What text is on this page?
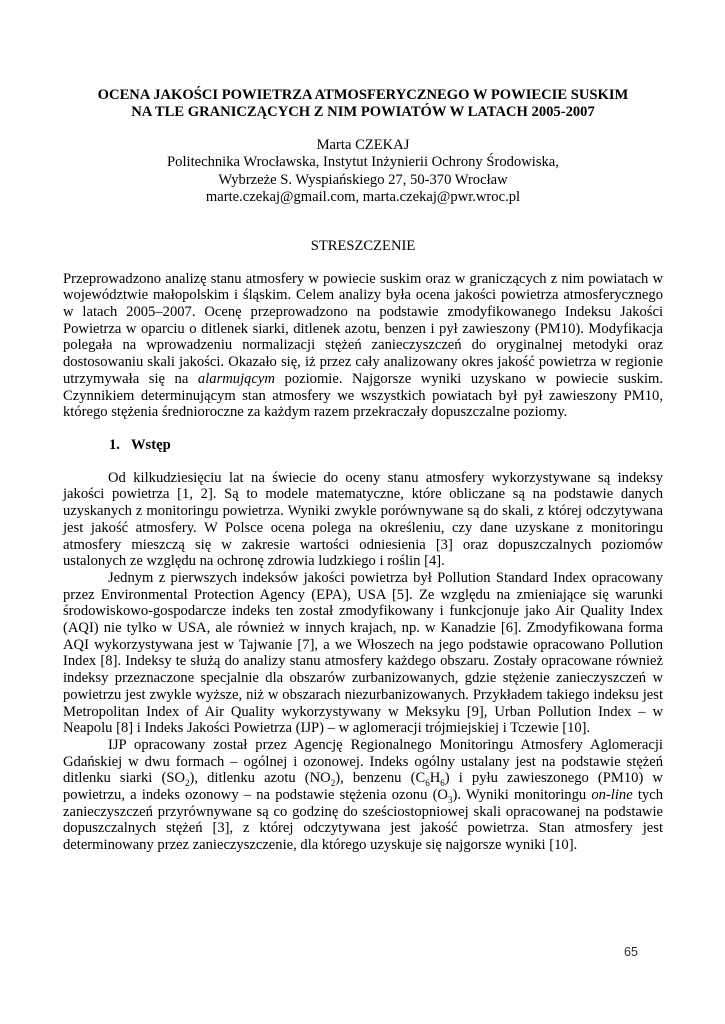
OCENA JAKOŚCI POWIETRZA ATMOSFERYCZNEGO W POWIECIE SUSKIM
NA TLE GRANICZĄCYCH Z NIM POWIATÓW W LATACH 2005-2007
Marta CZEKAJ
Politechnika Wrocławska, Instytut Inżynierii Ochrony Środowiska,
Wybrzeże S. Wyspiańskiego 27, 50-370 Wrocław
marte.czekaj@gmail.com, marta.czekaj@pwr.wroc.pl
STRESZCZENIE

Przeprowadzono analizę stanu atmosfery w powiecie suskim oraz w graniczących z nim powiatach w województwie małopolskim i śląskim. Celem analizy była ocena jakości powietrza atmosferycznego w latach 2005–2007. Ocenę przeprowadzono na podstawie zmodyfikowanego Indeksu Jakości Powietrza w oparciu o ditlenek siarki, ditlenek azotu, benzen i pył zawieszony (PM10). Modyfikacja polegała na wprowadzeniu normalizacji stężeń zanieczyszczeń do oryginalnej metodyki oraz dostosowaniu skali jakości. Okazało się, iż przez cały analizowany okres jakość powietrza w regionie utrzymywała się na alarmującym poziomie. Najgorsze wyniki uzyskano w powiecie suskim. Czynnikiem determinującym stan atmosfery we wszystkich powiatach był pył zawieszony PM10, którego stężenia średnioroczne za każdym razem przekraczały dopuszczalne poziomy.

1. Wstęp

Od kilkudziesięciu lat na świecie do oceny stanu atmosfery wykorzystywane są indeksy jakości powietrza [1, 2]. Są to modele matematyczne, które obliczane są na podstawie danych uzyskanych z monitoringu powietrza. Wyniki zwykle porównywane są do skali, z której odczytywana jest jakość atmosfery. W Polsce ocena polega na określeniu, czy dane uzyskane z monitoringu atmosfery mieszczą się w zakresie wartości odniesienia [3] oraz dopuszczalnych poziomów ustalonych ze względu na ochronę zdrowia ludzkiego i roślin [4].

Jednym z pierwszych indeksów jakości powietrza był Pollution Standard Index opracowany przez Environmental Protection Agency (EPA), USA [5]. Ze względu na zmieniające się warunki środowiskowo-gospodarcze indeks ten został zmodyfikowany i funkcjonuje jako Air Quality Index (AQI) nie tylko w USA, ale również w innych krajach, np. w Kanadzie [6]. Zmodyfikowana forma AQI wykorzystywana jest w Tajwanie [7], a we Włoszech na jego podstawie opracowano Pollution Index [8]. Indeksy te służą do analizy stanu atmosfery każdego obszaru. Zostały opracowane również indeksy przeznaczone specjalnie dla obszarów zurbanizowanych, gdzie stężenie zanieczyszczeń w powietrzu jest zwykle wyższe, niż w obszarach niezurbanizowanych. Przykładem takiego indeksu jest Metropolitan Index of Air Quality wykorzystywany w Meksyku [9], Urban Pollution Index – w Neapolu [8] i Indeks Jakości Powietrza (IJP) – w aglomeracji trójmiejskiej i Tczewie [10].

IJP opracowany został przez Agencję Regionalnego Monitoringu Atmosfery Aglomeracji Gdańskiej w dwu formach – ogólnej i ozonowej. Indeks ogólny ustalany jest na podstawie stężeń ditlenku siarki $(SO_2)$, ditlenku azotu $(NO_2)$, benzenu $(C_6H_6)$ i pyłu zawieszonego (PM10) w powietrzu, a indeks ozonowy – na podstawie stężenia ozonu $(O_3)$. Wyniki monitoringu on-line tych zanieczyszczeń przyrównywane są co godzinę do sześciostopniowej skali opracowanej na podstawie dopuszczalnych stężeń [3], z której odczytywana jest jakość powietrza. Stan atmosfery jest determinowany przez zanieczyszczenie, dla którego uzyskuje się najgorsze wyniki [10].

65
